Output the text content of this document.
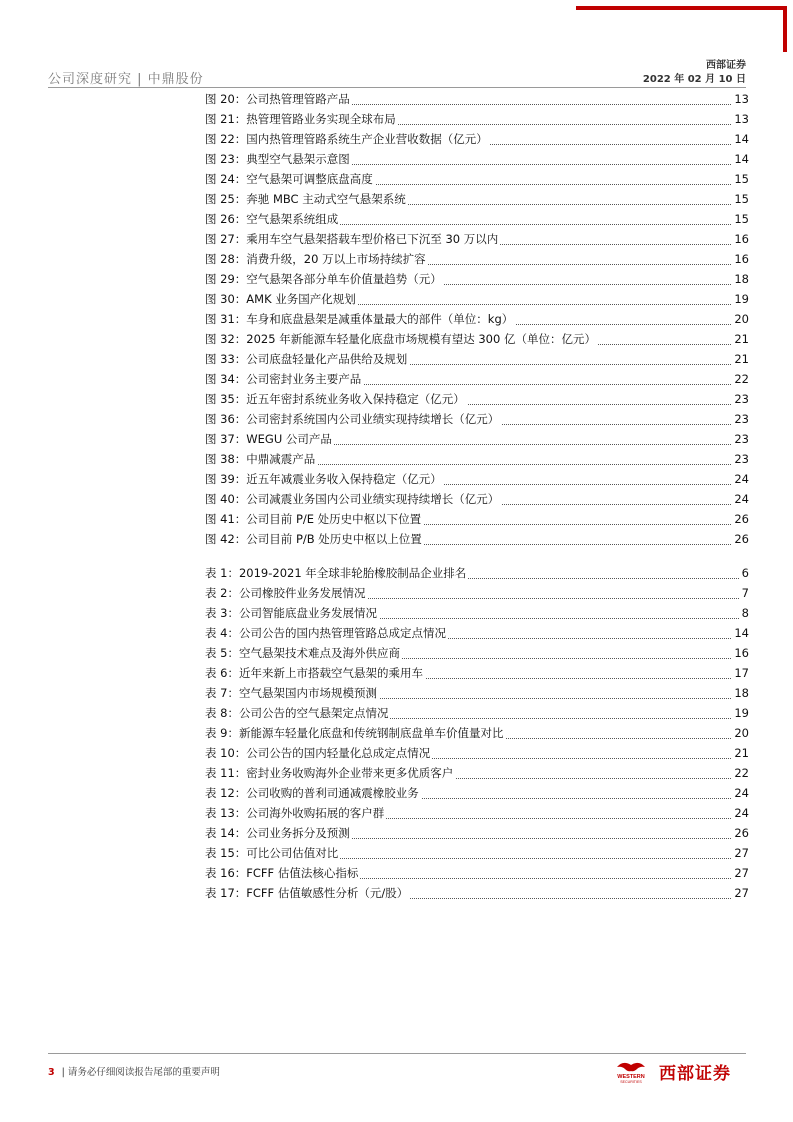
公司深度研究 | 中鼎股份
西部证券
2022 年 02 月 10 日
图 20：公司热管理管路产品	13
图 21：热管理管路业务实现全球布局	13
图 22：国内热管理管路系统生产企业营收数据（亿元）	14
图 23：典型空气悬架示意图	14
图 24：空气悬架可调整底盘高度	15
图 25：奔驰 MBC 主动式空气悬架系统	15
图 26：空气悬架系统组成	15
图 27：乘用车空气悬架搭载车型价格已下沉至 30 万以内	16
图 28：消费升级，20 万以上市场持续扩容	16
图 29：空气悬架各部分单车价值量趋势（元）	18
图 30：AMK 业务国产化规划	19
图 31：车身和底盘悬架是减重体量最大的部件（单位：kg）	20
图 32：2025 年新能源车轻量化底盘市场规模有望达 300 亿（单位：亿元）	21
图 33：公司底盘轻量化产品供给及规划	21
图 34：公司密封业务主要产品	22
图 35：近五年密封系统业务收入保持稳定（亿元）	23
图 36：公司密封系统国内公司业绩实现持续增长（亿元）	23
图 37：WEGU 公司产品	23
图 38：中鼎减震产品	23
图 39：近五年减震业务收入保持稳定（亿元）	24
图 40：公司减震业务国内公司业绩实现持续增长（亿元）	24
图 41：公司目前 P/E 处历史中枢以下位置	26
图 42：公司目前 P/B 处历史中枢以上位置	26
表 1：2019-2021 年全球非轮胎橡胶制品企业排名	6
表 2：公司橡胶件业务发展情况	7
表 3：公司智能底盘业务发展情况	8
表 4：公司公告的国内热管理管路总成定点情况	14
表 5：空气悬架技术难点及海外供应商	16
表 6：近年来新上市搭载空气悬架的乘用车	17
表 7：空气悬架国内市场规模预测	18
表 8：公司公告的空气悬架定点情况	19
表 9：新能源车轻量化底盘和传统钢制底盘单车价值量对比	20
表 10：公司公告的国内轻量化总成定点情况	21
表 11：密封业务收购海外企业带来更多优质客户	22
表 12：公司收购的普利司通减震橡胶业务	24
表 13：公司海外收购拓展的客户群	24
表 14：公司业务拆分及预测	26
表 15：可比公司估值对比	27
表 16：FCFF 估值法核心指标	27
表 17：FCFF 估值敏感性分析（元/股）	27
3 | 请务必仔细阅读报告尾部的重要声明	WESTERN
SECURITIES 西部证券
